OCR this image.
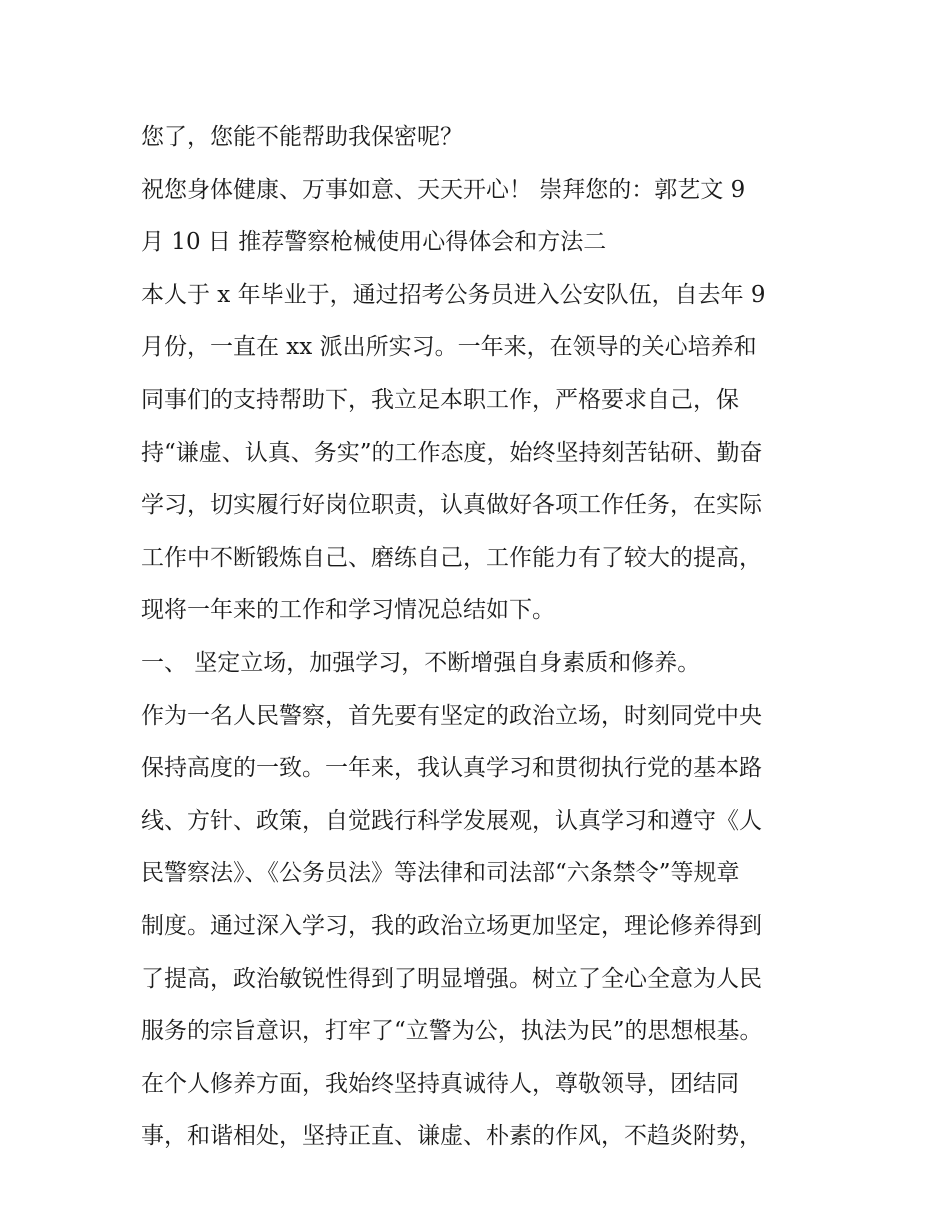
您了，您能不能帮助我保密呢？
祝您身体健康、万事如意、天天开心！ 崇拜您的：郭艺文 9
月 10 日 推荐警察枪械使用心得体会和方法二
本人于 x 年毕业于，通过招考公务员进入公安队伍，自去年 9
月份，一直在 xx 派出所实习。一年来，在领导的关心培养和
同事们的支持帮助下，我立足本职工作，严格要求自己，保
持“谦虚、认真、务实”的工作态度，始终坚持刻苦钻研、勤奋
学习，切实履行好岗位职责，认真做好各项工作任务，在实际
工作中不断锻炼自己、磨练自己，工作能力有了较大的提高，
现将一年来的工作和学习情况总结如下。
一、 坚定立场，加强学习，不断增强自身素质和修养。
作为一名人民警察，首先要有坚定的政治立场，时刻同党中央
保持高度的一致。一年来，我认真学习和贯彻执行党的基本路
线、方针、政策，自觉践行科学发展观，认真学习和遵守《人
民警察法》、《公务员法》等法律和司法部“六条禁令”等规章
制度。通过深入学习，我的政治立场更加坚定，理论修养得到
了提高，政治敏锐性得到了明显增强。树立了全心全意为人民
服务的宗旨意识，打牢了“立警为公，执法为民”的思想根基。
在个人修养方面，我始终坚持真诚待人，尊敬领导，团结同
事，和谐相处，坚持正直、谦虚、朴素的作风，不趋炎附势，
